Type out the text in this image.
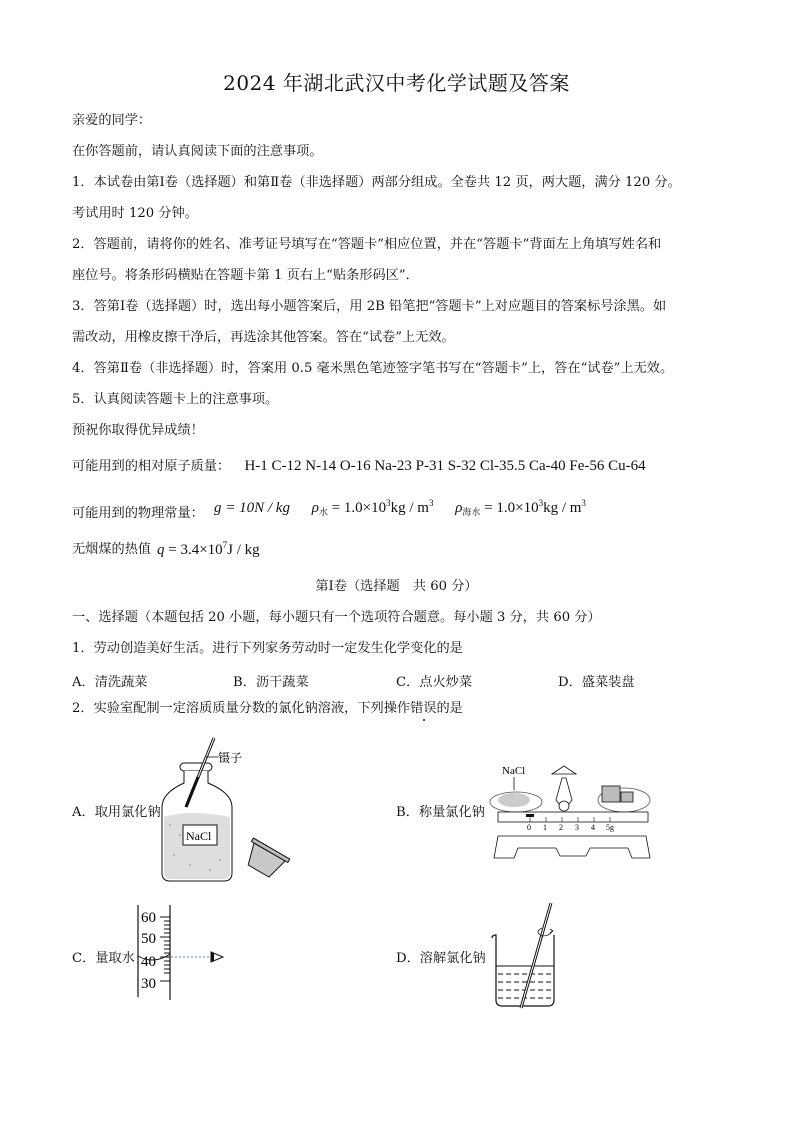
2024 年湖北武汉中考化学试题及答案
亲爱的同学：
在你答题前，请认真阅读下面的注意事项。
1．本试卷由第Ⅰ卷（选择题）和第Ⅱ卷（非选择题）两部分组成。全卷共 12 页，两大题，满分 120 分。
考试用时 120 分钟。
2．答题前，请将你的姓名、准考证号填写在“答题卡”相应位置，并在“答题卡”背面左上角填写姓名和
座位号。将条形码横贴在答题卡第 1 页右上“贴条形码区”．
3．答第Ⅰ卷（选择题）时，选出每小题答案后，用 2B 铅笔把“答题卡”上对应题目的答案标号涂黑。如
需改动，用橡皮擦干净后，再选涂其他答案。答在“试卷”上无效。
4．答第Ⅱ卷（非选择题）时，答案用 0.5 毫米黑色笔迹签字笔书写在“答题卡”上，答在“试卷”上无效。
5．认真阅读答题卡上的注意事项。
预祝你取得优异成绩！
可能用到的相对原子质量： H-1 C-12 N-14 O-16 Na-23 P-31 S-32 Cl-35.5 Ca-40 Fe-56 Cu-64
可能用到的物理常量： g = 10N / kg $\rho_水 = 1.0\times 10^3kg / m^3$ $\rho_{海水} = 1.0\times 10^3kg / m^3$
无烟煤的热值 $q = 3.4\times 10^7J$ / kg
第Ⅰ卷（选择题　共 60 分）
一、选择题（本题包括 20 小题，每小题只有一个选项符合题意。每小题 3 分，共 60 分）
1．劳动创造美好生活。进行下列家务劳动时一定发生化学变化的是
A．清洗蔬菜	B．沥干蔬菜	C．点火炒菜	D．盛菜装盘
2．实验室配制一定溶质质量分数的氯化钠溶液，下列操作错误的是
A．取用氯化钠
NaCl
镊子
B．称量氯化钠
NaCl
0 1 2 3 4 5g
C．量取水
60
50
40
30
D．溶解氯化钠
